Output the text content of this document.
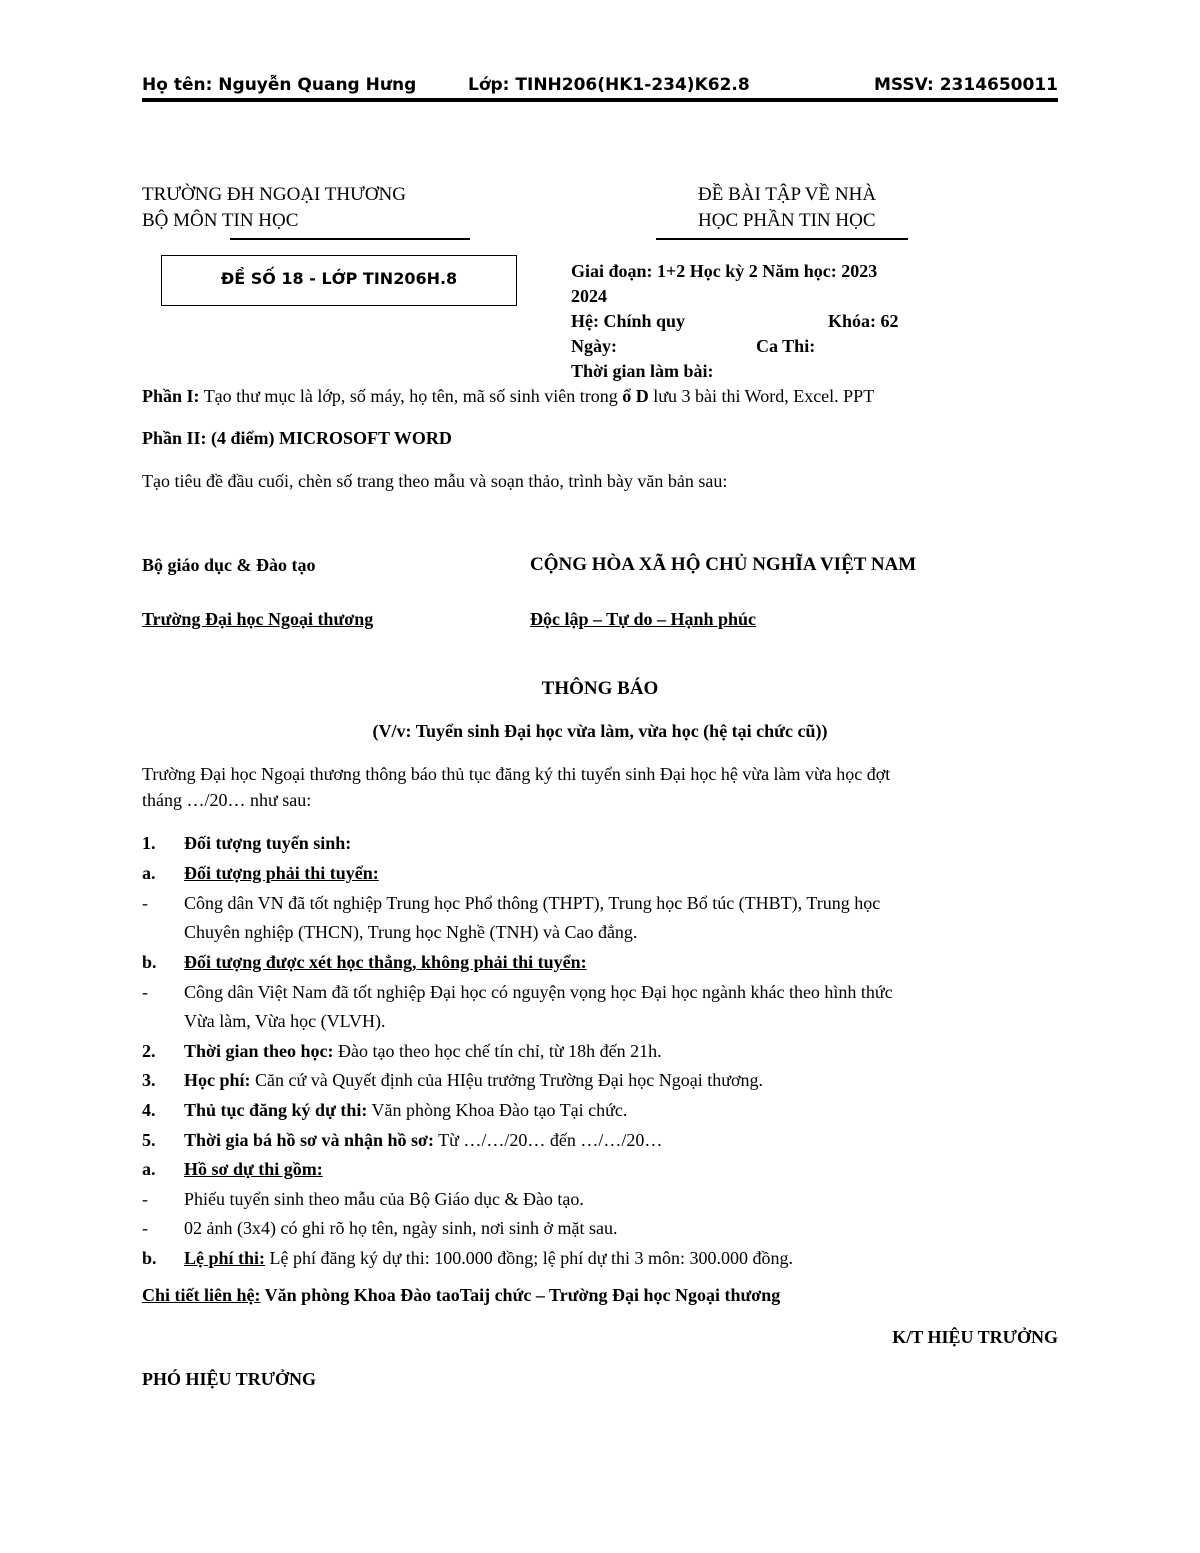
Họ tên: Nguyễn Quang Hưng	Lớp: TINH206(HK1-234)K62.8	MSSV: 2314650011
TRƯỜNG ĐH NGOẠI THƯƠNG
BỘ MÔN TIN HỌC
ĐỀ BÀI TẬP VỀ NHÀ
HỌC PHẦN TIN HỌC
ĐỀ SỐ 18 - LỚP TIN206H.8	Giai đoạn: 1+2 Học kỳ 2 Năm học: 2023
2024
Hệ: Chính quy	Khóa: 62
Ngày:	Ca Thi:
Thời gian làm bài:
Phần I: Tạo thư mục là lớp, số máy, họ tên, mã số sinh viên trong ổ D lưu 3 bài thi Word, Excel. PPT
Phần II: (4 điểm) MICROSOFT WORD
Tạo tiêu đề đầu cuối, chèn số trang theo mẫu và soạn thảo, trình bày văn bản sau:
Bộ giáo dục & Đào tạo	CỘNG HÒA XÃ HỘ CHỦ NGHĨA VIỆT NAM
Trường Đại học Ngoại thương	Độc lập – Tự do – Hạnh phúc
THÔNG BÁO
(V/v: Tuyển sinh Đại học vừa làm, vừa học (hệ tại chức cũ))
Trường Đại học Ngoại thương thông báo thủ tục đăng ký thi tuyển sinh Đại học hệ vừa làm vừa học đợt
tháng …/20… như sau:
1. Đối tượng tuyển sinh:
a. Đối tượng phải thi tuyển:
- Công dân VN đã tốt nghiệp Trung học Phổ thông (THPT), Trung học Bổ túc (THBT), Trung học
Chuyên nghiệp (THCN), Trung học Nghề (TNH) và Cao đẳng.
b. Đối tượng được xét học thẳng, không phải thi tuyển:
- Công dân Việt Nam đã tốt nghiệp Đại học có nguyện vọng học Đại học ngành khác theo hình thức
Vừa làm, Vừa học (VLVH).
2. Thời gian theo học: Đào tạo theo học chế tín chỉ, từ 18h đến 21h.
3. Học phí: Căn cứ và Quyết định của HIệu trưởng Trường Đại học Ngoại thương.
4. Thủ tục đăng ký dự thi: Văn phòng Khoa Đào tạo Tại chức.
5. Thời gia bá hồ sơ và nhận hồ sơ: Từ …/…/20… đến …/…/20…
a. Hồ sơ dự thi gồm:
- Phiếu tuyển sinh theo mẫu của Bộ Giáo dục & Đào tạo.
- 02 ảnh (3x4) có ghi rõ họ tên, ngày sinh, nơi sinh ở mặt sau.
b. Lệ phí thi: Lệ phí đăng ký dự thi: 100.000 đồng; lệ phí dự thi 3 môn: 300.000 đồng.
Chi tiết liên hệ: Văn phòng Khoa Đào taoTaij chức – Trường Đại học Ngoại thương
K/T HIỆU TRƯỞNG
PHÓ HIỆU TRƯỞNG
